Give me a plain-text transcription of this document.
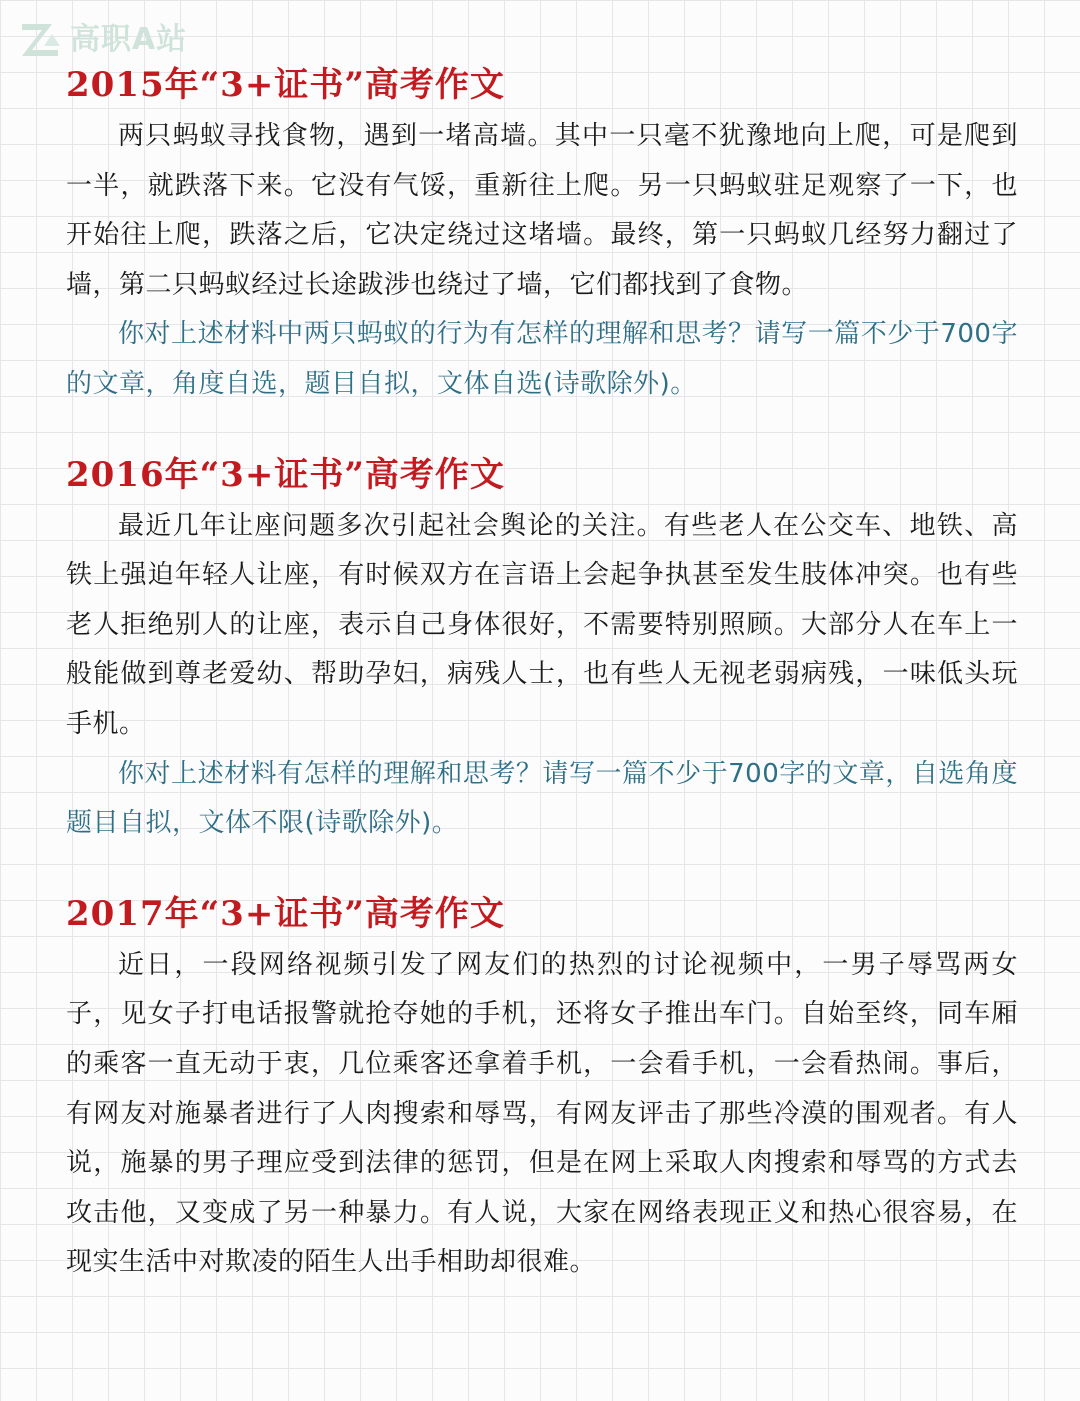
高职A站
2015年“3+证书”高考作文

两只蚂蚁寻找食物，遇到一堵高墙。其中一只毫不犹豫地向上爬，可是爬到一半，就跌落下来。它没有气馁，重新往上爬。另一只蚂蚁驻足观察了一下，也开始往上爬，跌落之后，它决定绕过这堵墙。最终，第一只蚂蚁几经努力翻过了墙，第二只蚂蚁经过长途跋涉也绕过了墙，它们都找到了食物。

你对上述材料中两只蚂蚁的行为有怎样的理解和思考？请写一篇不少于700字的文章，角度自选，题目自拟，文体自选(诗歌除外)。

2016年“3+证书”高考作文

最近几年让座问题多次引起社会舆论的关注。有些老人在公交车、地铁、高铁上强迫年轻人让座，有时候双方在言语上会起争执甚至发生肢体冲突。也有些老人拒绝别人的让座，表示自己身体很好，不需要特别照顾。大部分人在车上一般能做到尊老爱幼、帮助孕妇，病残人士，也有些人无视老弱病残，一味低头玩手机。

你对上述材料有怎样的理解和思考？请写一篇不少于700字的文章，自选角度题目自拟，文体不限(诗歌除外)。

2017年“3+证书”高考作文

近日，一段网络视频引发了网友们的热烈的讨论视频中，一男子辱骂两女子，见女子打电话报警就抢夺她的手机，还将女子推出车门。自始至终，同车厢的乘客一直无动于衷，几位乘客还拿着手机，一会看手机，一会看热闹。事后，有网友对施暴者进行了人肉搜索和辱骂，有网友评击了那些冷漠的围观者。有人说，施暴的男子理应受到法律的惩罚，但是在网上采取人肉搜索和辱骂的方式去攻击他，又变成了另一种暴力。有人说，大家在网络表现正义和热心很容易，在现实生活中对欺凌的陌生人出手相助却很难。
